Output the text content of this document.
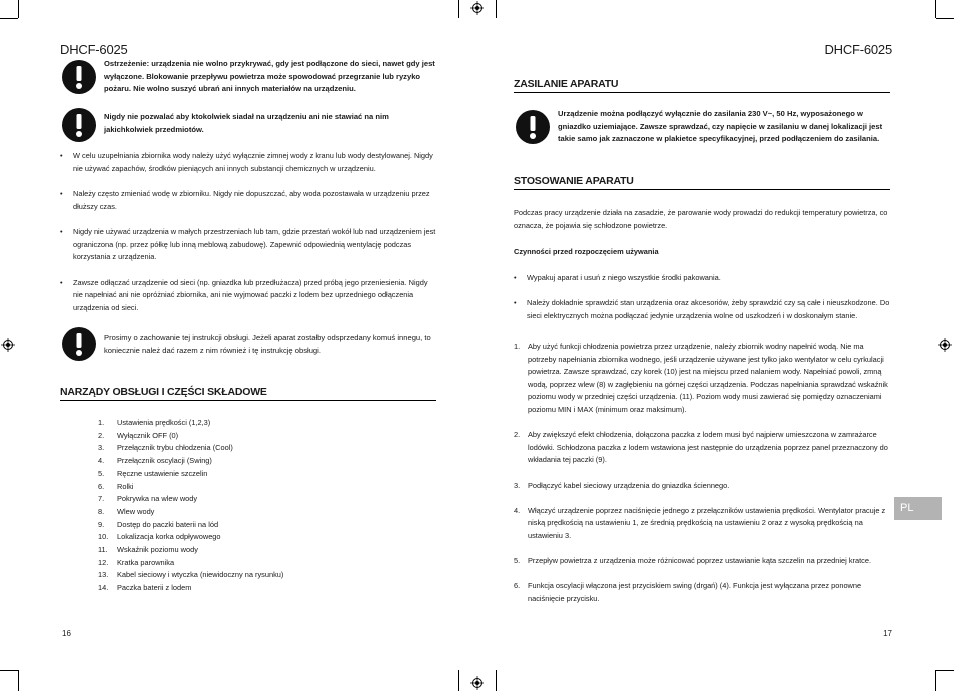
DHCF-6025
Ostrzeżenie: urządzenia nie wolno przykrywać, gdy jest podłączone do sieci, nawet gdy jest wyłączone. Blokowanie przepływu powietrza może spowodować przegrzanie lub ryzyko pożaru. Nie wolno suszyć ubrań ani innych materiałów na urządzeniu.
Nigdy nie pozwalać aby ktokolwiek siadał na urządzeniu ani nie stawiać na nim jakichkolwiek przedmiotów.
• W celu uzupełniania zbiornika wody należy użyć wyłącznie zimnej wody z kranu lub wody destylowanej. Nigdy nie używać zapachów, środków pieniących ani innych substancji chemicznych w urządzeniu.
• Należy często zmieniać wodę w zbiorniku. Nigdy nie dopuszczać, aby woda pozostawała w urządzeniu przez dłuższy czas.
• Nigdy nie używać urządzenia w małych przestrzeniach lub tam, gdzie przestań wokół lub nad urządzeniem jest ograniczona (np. przez półkę lub inną meblową zabudowę). Zapewnić odpowiednią wentylację podczas korzystania z urządzenia.
• Zawsze odłączać urządzenie od sieci (np. gniazdka lub przedłużacza) przed próbą jego przeniesienia. Nigdy nie napełniać ani nie opróżniać zbiornika, ani nie wyjmować paczki z lodem bez uprzedniego odłączenia urządzenia od sieci.
Prosimy o zachowanie tej instrukcji obsługi. Jeżeli aparat zostałby odsprzedany komuś innegu, to koniecznie należ dać razem z nim również i tę instrukcję obsługi.
NARZĄDY OBSŁUGI I CZĘŚCI SKŁADOWE
1.	Ustawienia prędkości (1,2,3)
2.	Wyłącznik OFF (0)
3.	Przełącznik trybu chłodzenia (Cool)
4.	Przełącznik oscylacji (Swing)
5.	Ręczne ustawienie szczelin
6.	Rolki
7.	Pokrywka na wlew wody
8.	Wlew wody
9.	Dostęp do paczki baterii na lód
10.	Lokalizacja korka odpływowego
11.	Wskaźnik poziomu wody
12.	Kratka parownika
13.	Kabel sieciowy i wtyczka (niewidoczny na rysunku)
14.	Paczka baterii z lodem
16
DHCF-6025
ZASILANIE APARATU
Urządzenie można podłączyć wyłącznie do zasilania 230 V~, 50 Hz, wyposażonego w gniazdko uziemiające. Zawsze sprawdzać, czy napięcie w zasilaniu w danej lokalizacji jest takie samo jak zaznaczone w plakietce specyfikacyjnej, przed podłączeniem do zasilania.
STOSOWANIE APARATU
Podczas pracy urządzenie działa na zasadzie, że parowanie wody prowadzi do redukcji temperatury powietrza, co oznacza, że pojawia się schłodzone powietrze.
Czynności przed rozpoczęciem używania
• Wypakuj aparat i usuń z niego wszystkie środki pakowania.
• Należy dokładnie sprawdzić stan urządzenia oraz akcesoriów, żeby sprawdzić czy są całe i nieuszkodzone. Do sieci elektrycznych można podłączać jedynie urządzenia wolne od uszkodzeń i w doskonałym stanie.
1. Aby użyć funkcji chłodzenia powietrza przez urządzenie, należy zbiornik wodny napełnić wodą. Nie ma potrzeby napełniania zbiornika wodnego, jeśli urządzenie używane jest tylko jako wentylator w celu cyrkulacji powietrza. Zawsze sprawdzać, czy korek (10) jest na miejscu przed nalaniem wody. Napełniać powoli, zmną wodą, poprzez wlew (8) w zagłębieniu na górnej części urządzenia. Podczas napełniania sprawdzać wskaźnik poziomu wody w przedniej części urządzenia. (11). Poziom wody musi zawierać się pomiędzy oznaczeniami poziomu MIN i MAX (minimum oraz maksimum).
2. Aby zwiększyć efekt chłodzenia, dołączona paczka z lodem musi być najpierw umieszczona w zamrażarce lodówki. Schłodzona paczka z lodem wstawiona jest następnie do urządzenia poprzez panel przeznaczony do wkładania tej paczki (9).
3. Podłączyć kabel sieciowy urządzenia do gniazdka ściennego.
4. Włączyć urządzenie poprzez naciśnięcie jednego z przełączników ustawienia prędkości. Wentylator pracuje z niską prędkością na ustawieniu 1, ze średnią prędkością na ustawieniu 2 oraz z wysoką prędkością na ustawieniu 3.
5. Przepływ powietrza z urządzenia może różnicować poprzez ustawianie kąta szczelin na przedniej kratce.
6. Funkcja oscylacji włączona jest przyciskiem swing (drgań) (4). Funkcja jest wyłączana przez ponowne naciśnięcie przycisku.
17
PL
